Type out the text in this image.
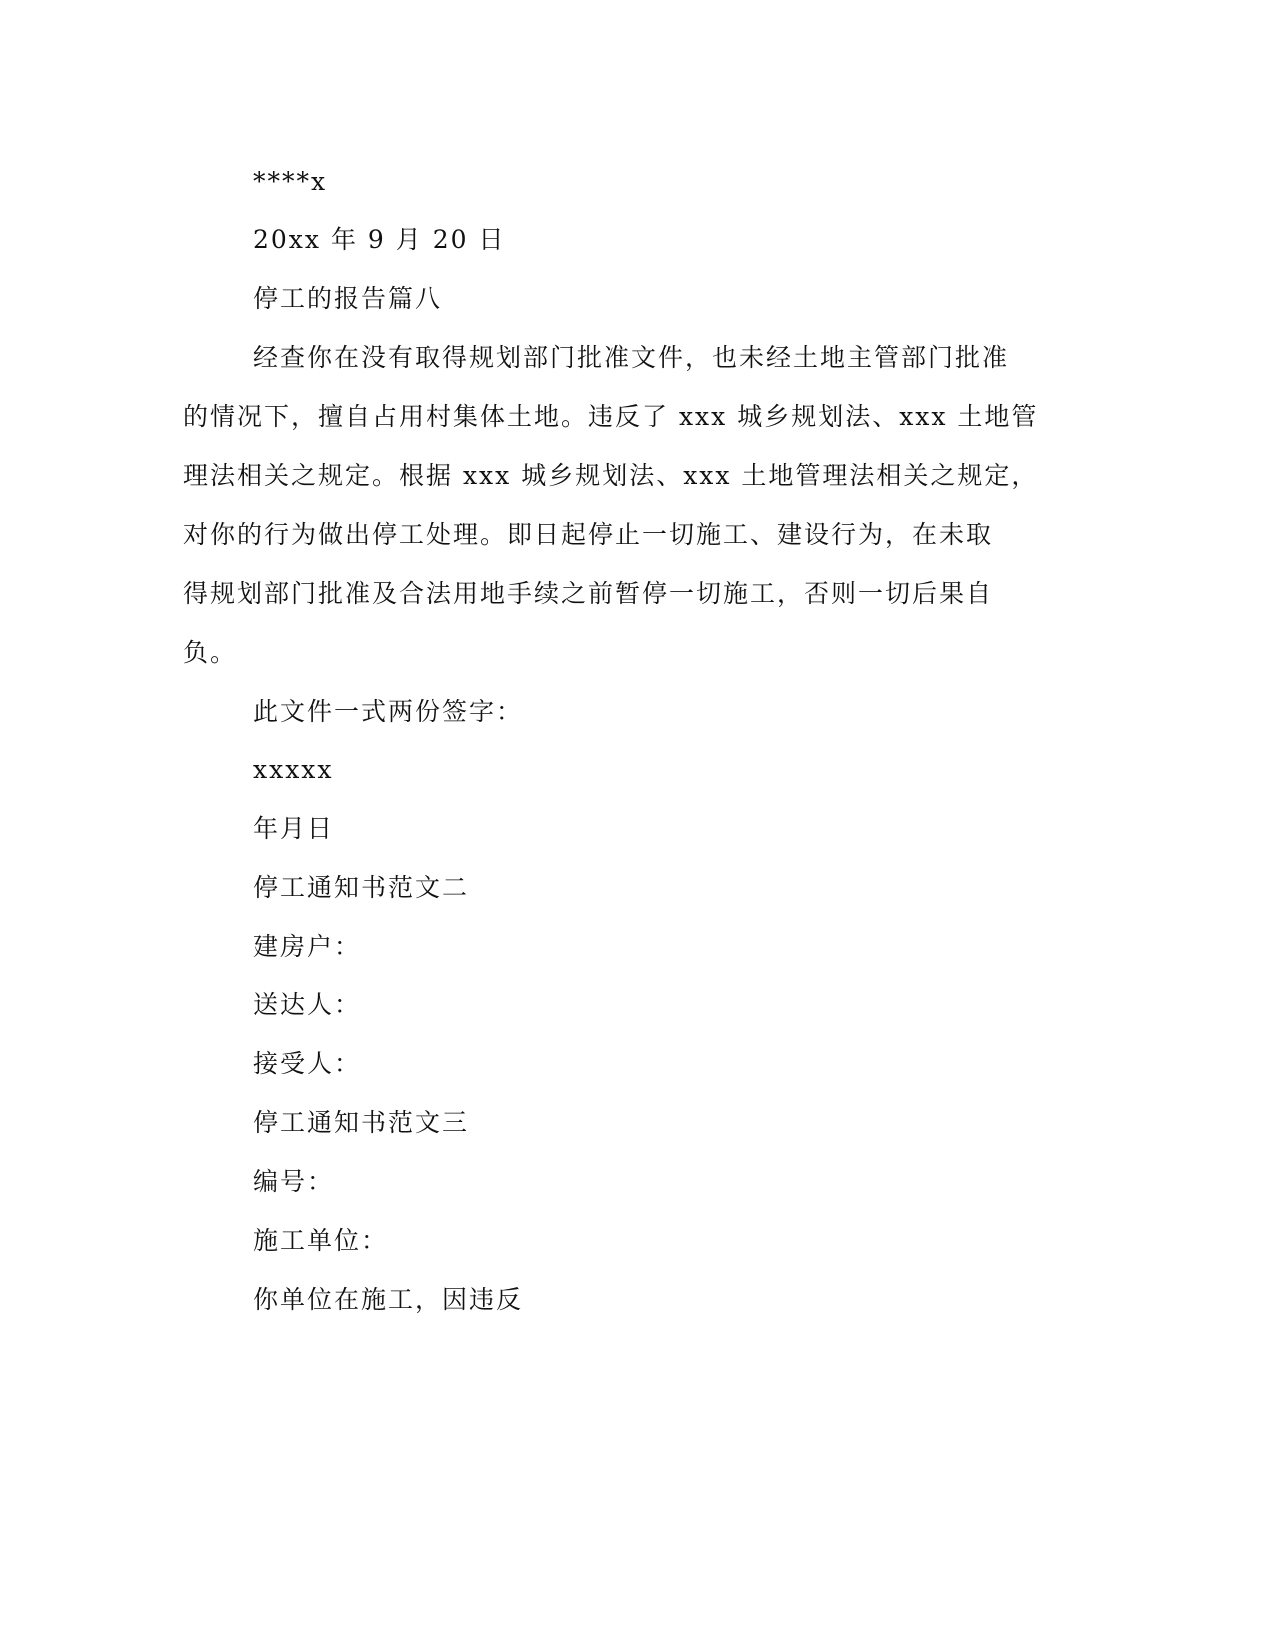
****x
20xx 年 9 月 20 日
停工的报告篇八
经查你在没有取得规划部门批准文件，也未经土地主管部门批准
的情况下，擅自占用村集体土地。违反了 xxx 城乡规划法、xxx 土地管
理法相关之规定。根据 xxx 城乡规划法、xxx 土地管理法相关之规定，
对你的行为做出停工处理。即日起停止一切施工、建设行为，在未取
得规划部门批准及合法用地手续之前暂停一切施工，否则一切后果自
负。
此文件一式两份签字：
xxxxx
年月日
停工通知书范文二
建房户：
送达人：
接受人：
停工通知书范文三
编号：
施工单位：
你单位在施工，因违反
